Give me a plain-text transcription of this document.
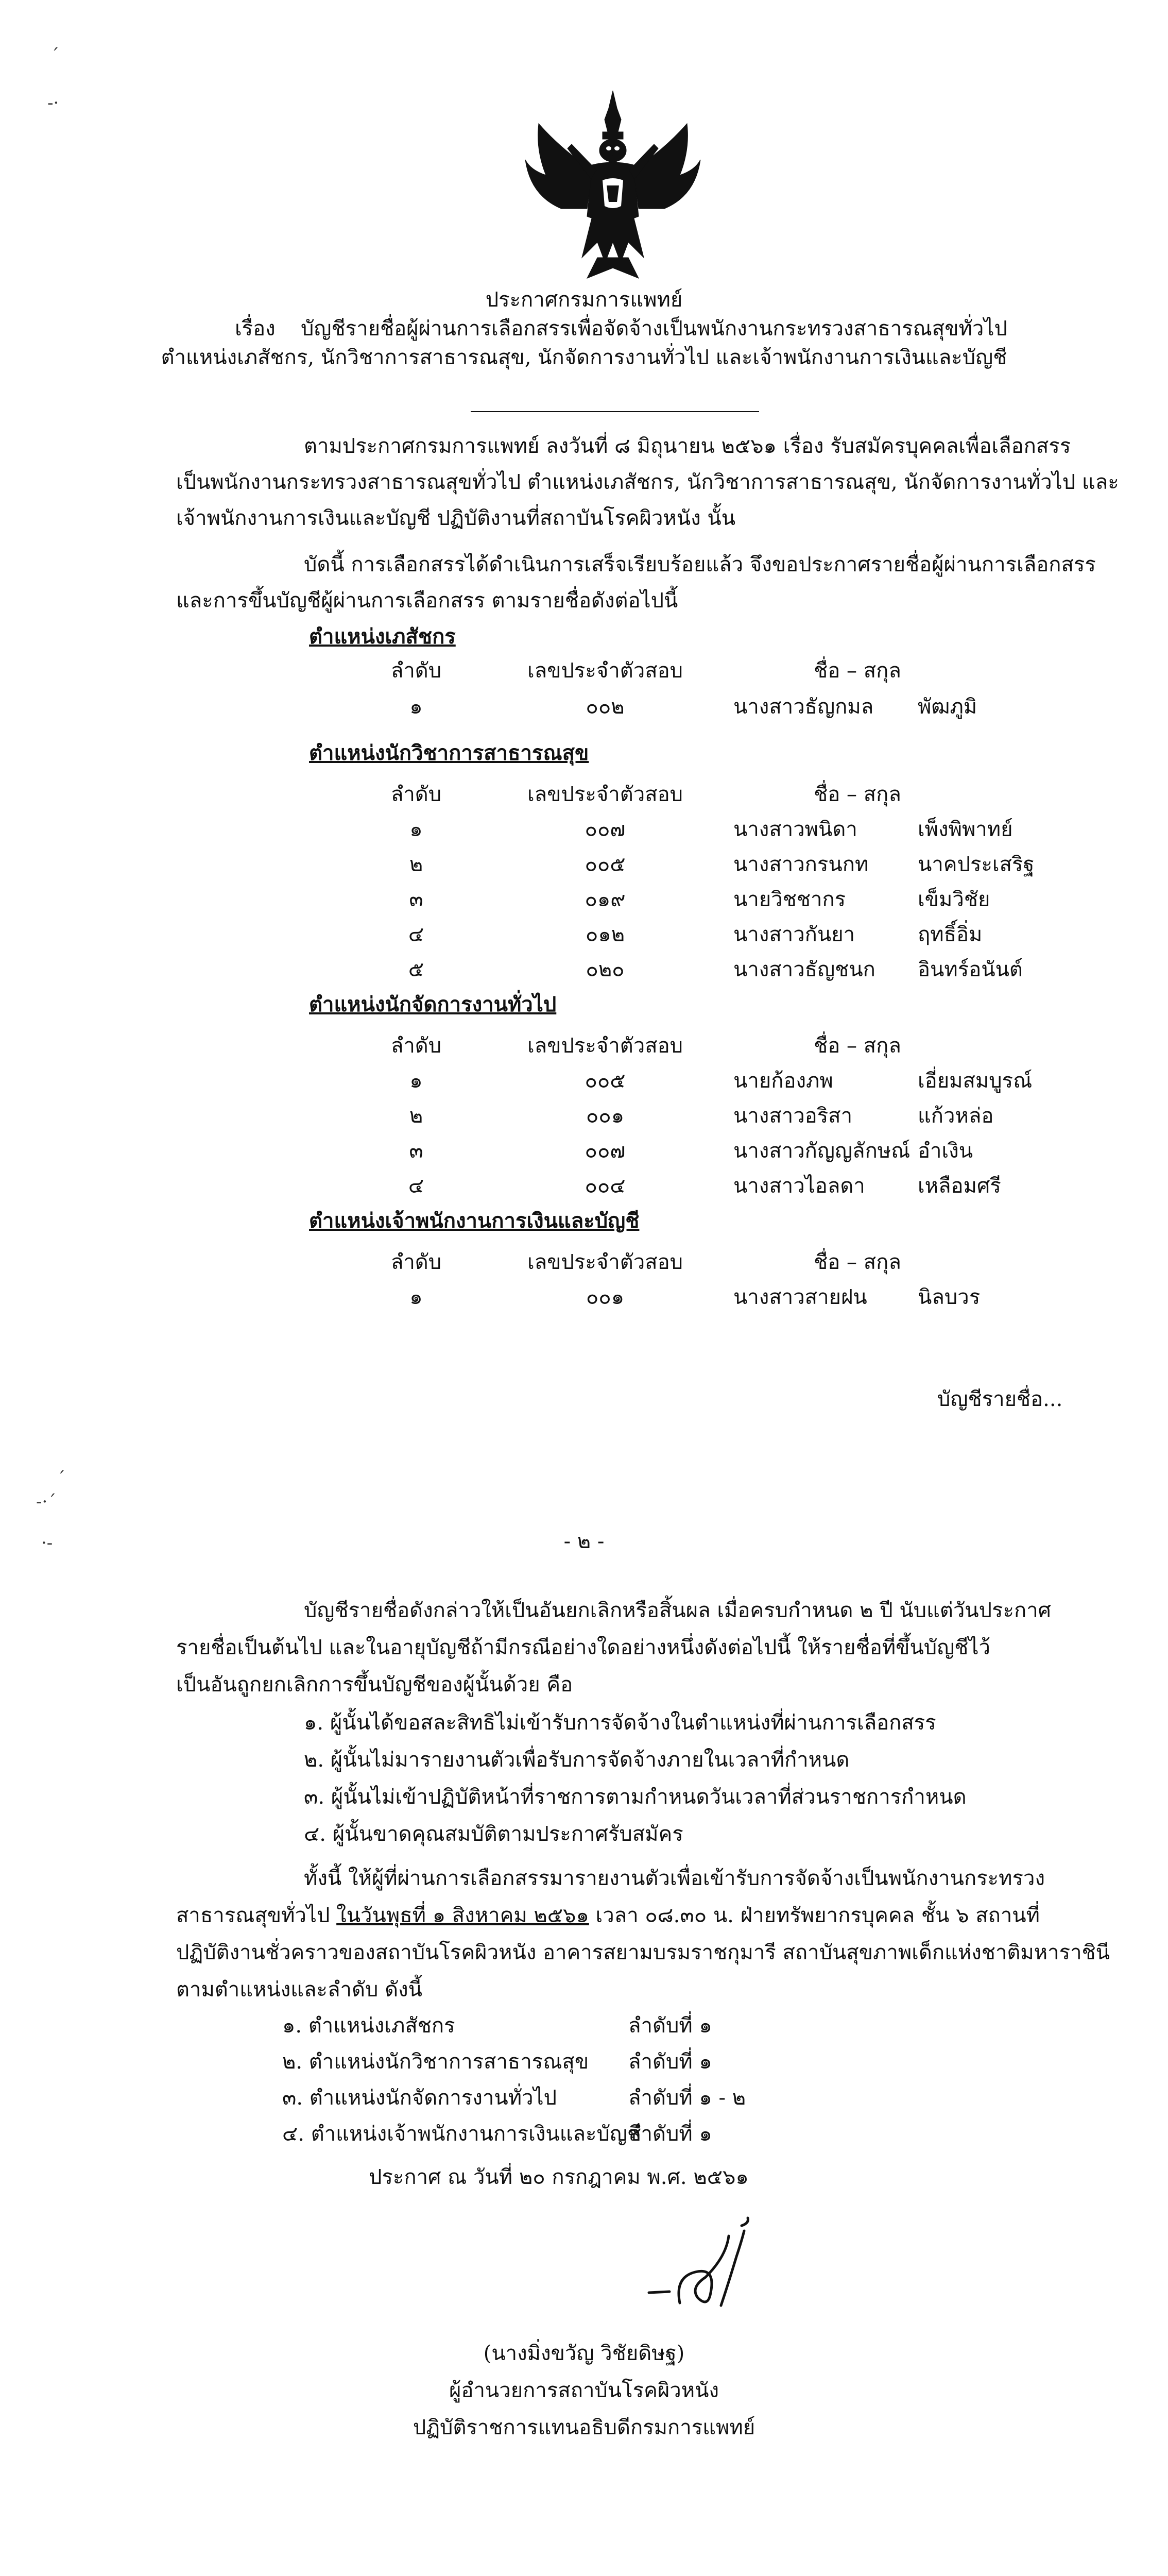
ˊ
-·
ˊ
-·ˊ
·-
ประกาศกรมการแพทย์
เรื่อง บัญชีรายชื่อผู้ผ่านการเลือกสรรเพื่อจัดจ้างเป็นพนักงานกระทรวงสาธารณสุขทั่วไป
ตำแหน่งเภสัชกร, นักวิชาการสาธารณสุข, นักจัดการงานทั่วไป และเจ้าพนักงานการเงินและบัญชี
ตามประกาศกรมการแพทย์ ลงวันที่ ๘ มิถุนายน ๒๕๖๑ เรื่อง รับสมัครบุคคลเพื่อเลือกสรร
เป็นพนักงานกระทรวงสาธารณสุขทั่วไป ตำแหน่งเภสัชกร, นักวิชาการสาธารณสุข, นักจัดการงานทั่วไป และ
เจ้าพนักงานการเงินและบัญชี ปฏิบัติงานที่สถาบันโรคผิวหนัง นั้น
บัดนี้ การเลือกสรรได้ดำเนินการเสร็จเรียบร้อยแล้ว จึงขอประกาศรายชื่อผู้ผ่านการเลือกสรร
และการขึ้นบัญชีผู้ผ่านการเลือกสรร ตามรายชื่อดังต่อไปนี้
ตำแหน่งเภสัชกร
ลำดับ	เลขประจำตัวสอบ	ชื่อ – สกุล
๑	๐๐๒	นางสาวธัญกมล พัฒภูมิ
ตำแหน่งนักวิชาการสาธารณสุข
ลำดับ	เลขประจำตัวสอบ	ชื่อ – สกุล
๑	๐๐๗	นางสาวพนิดา	เพ็งพิพาทย์
๒	๐๐๕	นางสาวกรนกท นาคประเสริฐ
๓	๐๑๙	นายวิชชากร	เข็มวิชัย
๔	๐๑๒	นางสาวกันยา	ฤทธิ์อิ่ม
๕	๐๒๐	นางสาวธัญชนก อินทร์อนันต์
ตำแหน่งนักจัดการงานทั่วไป
ลำดับ	เลขประจำตัวสอบ	ชื่อ – สกุล
๑	๐๐๕	นายก้องภพ	เอี่ยมสมบูรณ์
๒	๐๐๑	นางสาวอริสา	แก้วหล่อ
๓	๐๐๗	นางสาวกัญญลักษณ์ อำเงิน
๔	๐๐๔	นางสาวไอลดา	เหลือมศรี
ตำแหน่งเจ้าพนักงานการเงินและบัญชี
ลำดับ	เลขประจำตัวสอบ	ชื่อ – สกุล
๑	๐๐๑	นางสาวสายฝน นิลบวร
บัญชีรายชื่อ...
- ๒ -
บัญชีรายชื่อดังกล่าวให้เป็นอันยกเลิกหรือสิ้นผล เมื่อครบกำหนด ๒ ปี นับแต่วันประกาศ
รายชื่อเป็นต้นไป และในอายุบัญชีถ้ามีกรณีอย่างใดอย่างหนึ่งดังต่อไปนี้ ให้รายชื่อที่ขึ้นบัญชีไว้
เป็นอันถูกยกเลิกการขึ้นบัญชีของผู้นั้นด้วย คือ
๑. ผู้นั้นได้ขอสละสิทธิไม่เข้ารับการจัดจ้างในตำแหน่งที่ผ่านการเลือกสรร
๒. ผู้นั้นไม่มารายงานตัวเพื่อรับการจัดจ้างภายในเวลาที่กำหนด
๓. ผู้นั้นไม่เข้าปฏิบัติหน้าที่ราชการตามกำหนดวันเวลาที่ส่วนราชการกำหนด
๔. ผู้นั้นขาดคุณสมบัติตามประกาศรับสมัคร
ทั้งนี้ ให้ผู้ที่ผ่านการเลือกสรรมารายงานตัวเพื่อเข้ารับการจัดจ้างเป็นพนักงานกระทรวง
สาธารณสุขทั่วไป ในวันพุธที่ ๑ สิงหาคม ๒๕๖๑ เวลา ๐๘.๓๐ น. ฝ่ายทรัพยากรบุคคล ชั้น ๖ สถานที่
ปฏิบัติงานชั่วคราวของสถาบันโรคผิวหนัง อาคารสยามบรมราชกุมารี สถาบันสุขภาพเด็กแห่งชาติมหาราชินี
ตามตำแหน่งและลำดับ ดังนี้
๑. ตำแหน่งเภสัชกร	ลำดับที่ ๑
๒. ตำแหน่งนักวิชาการสาธารณสุข ลำดับที่ ๑
๓. ตำแหน่งนักจัดการงานทั่วไป	ลำดับที่ ๑ - ๒
๔. ตำแหน่งเจ้าพนักงานการเงินและบัญชี
ลำดับที่ ๑
ประกาศ ณ วันที่ ๒๐ กรกฎาคม พ.ศ. ๒๕๖๑
(นางมิ่งขวัญ วิชัยดิษฐ)
ผู้อำนวยการสถาบันโรคผิวหนัง
ปฏิบัติราชการแทนอธิบดีกรมการแพทย์
